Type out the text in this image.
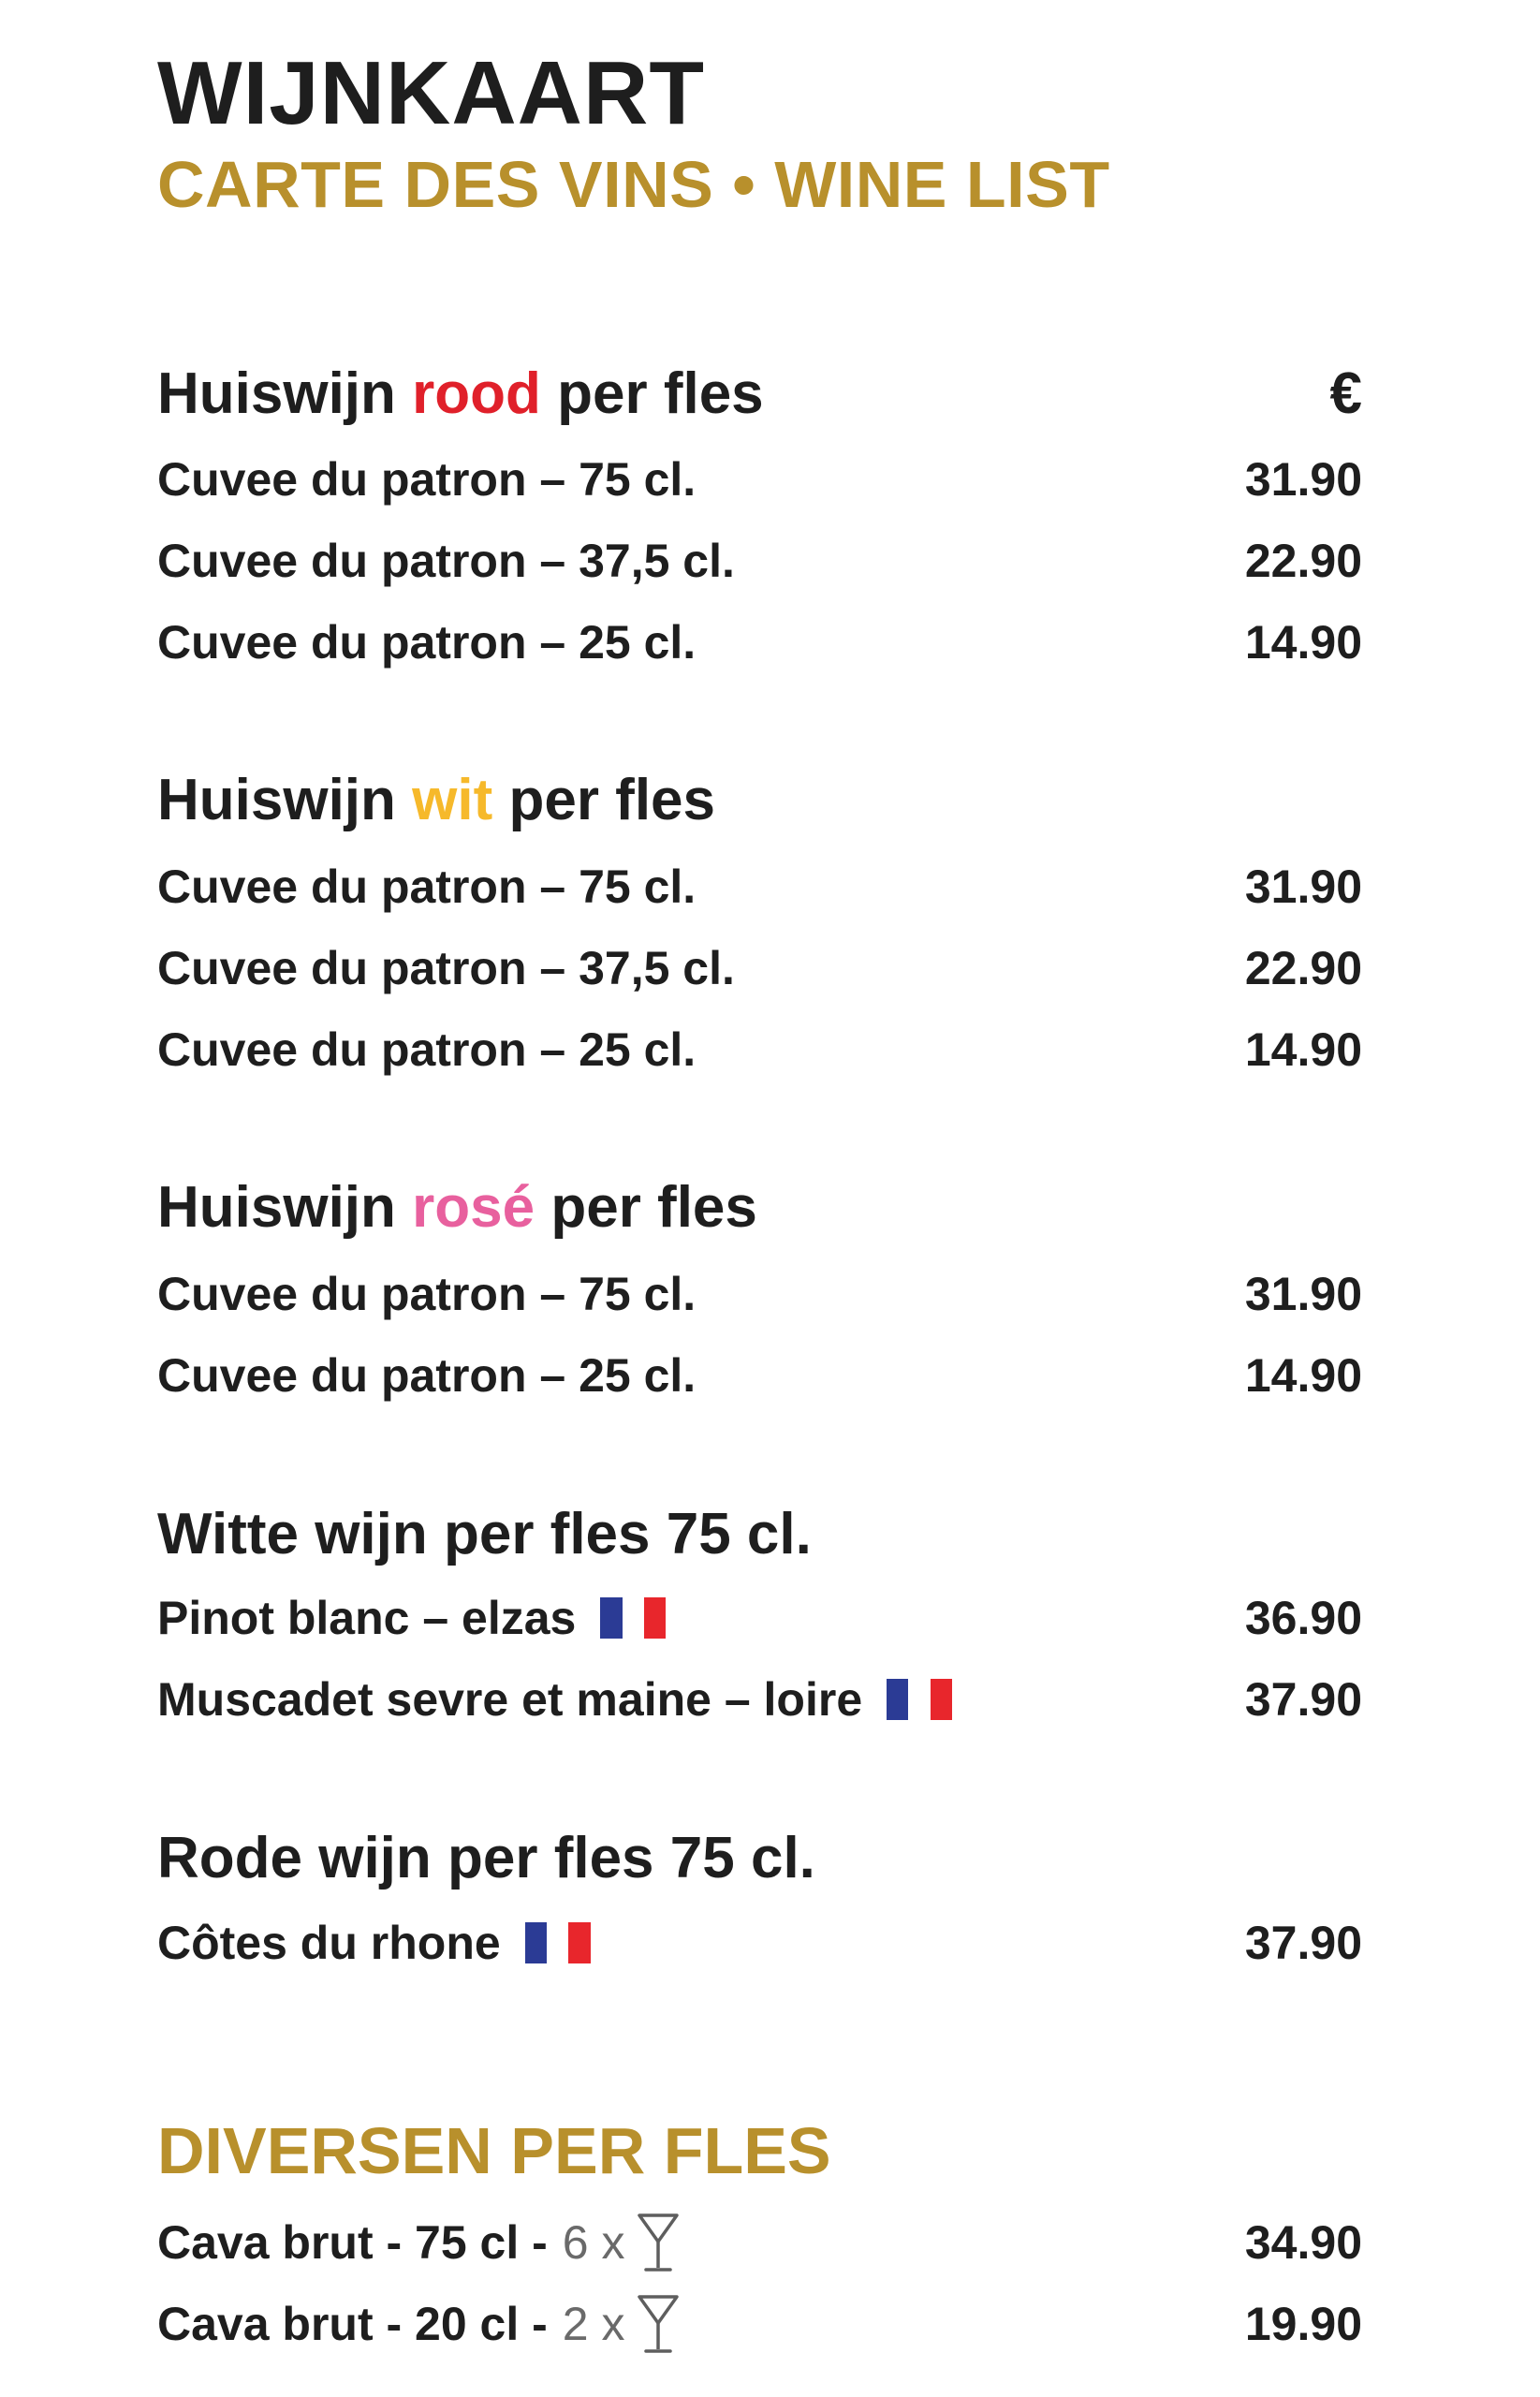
WIJNKAART
CARTE DES VINS • WINE LIST
Huiswijn rood per fles	€
Cuvee du patron – 75 cl.	31.90
Cuvee du patron – 37,5 cl.	22.90
Cuvee du patron – 25 cl.	14.90
Huiswijn wit per fles
Cuvee du patron – 75 cl.	31.90
Cuvee du patron – 37,5 cl.	22.90
Cuvee du patron – 25 cl.	14.90
Huiswijn rosé per fles
Cuvee du patron – 75 cl.	31.90
Cuvee du patron – 25 cl.	14.90
Witte wijn per fles 75 cl.
Pinot blanc – elzas	36.90
Muscadet sevre et maine – loire	37.90
Rode wijn per fles 75 cl.
Côtes du rhone	37.90
DIVERSEN PER FLES
Cava brut - 75 cl - 6 x	34.90
Cava brut - 20 cl - 2 x	19.90
